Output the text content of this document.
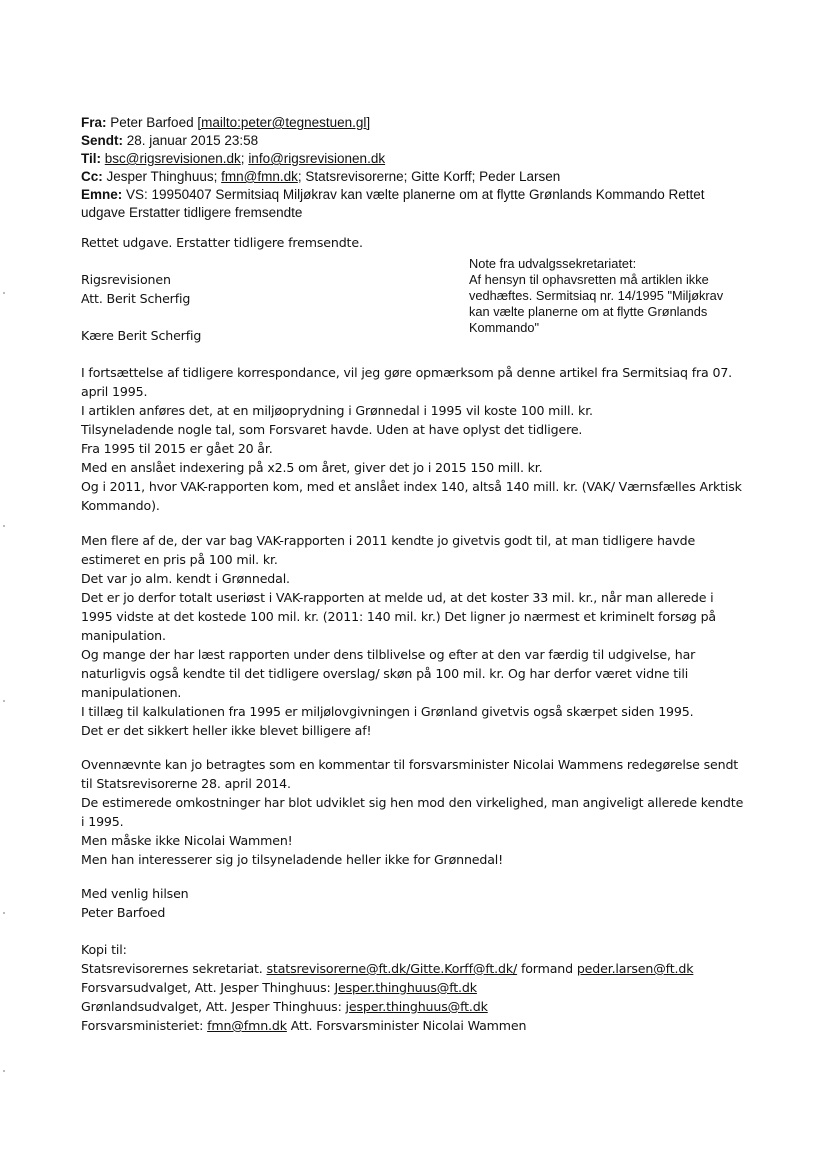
Fra: Peter Barfoed [mailto:peter@tegnestuen.gl]
Sendt: 28. januar 2015 23:58
Til: bsc@rigsrevisionen.dk; info@rigsrevisionen.dk
Cc: Jesper Thinghuus; fmn@fmn.dk; Statsrevisorerne; Gitte Korff; Peder Larsen
Emne: VS: 19950407 Sermitsiaq Miljøkrav kan vælte planerne om at flytte Grønlands Kommando Rettet
udgave Erstatter tidligere fremsendte
Rettet udgave. Erstatter tidligere fremsendte.
Rigsrevisionen
Att. Berit Scherfig

Note fra udvalgssekretariatet:

Af hensyn til ophavsretten må artiklen ikke

vedhæftes. Sermitsiaq nr. 14/1995 "Miljøkrav

kan vælte planerne om at flytte Grønlands

Kommando"

Kære Berit Scherfig
I fortsættelse af tidligere korrespondance, vil jeg gøre opmærksom på denne artikel fra Sermitsiaq fra 07.
april 1995.
I artiklen anføres det, at en miljøoprydning i Grønnedal i 1995 vil koste 100 mill. kr.
Tilsyneladende nogle tal, som Forsvaret havde. Uden at have oplyst det tidligere.
Fra 1995 til 2015 er gået 20 år.
Med en anslået indexering på x2.5 om året, giver det jo i 2015 150 mill. kr.
Og i 2011, hvor VAK-rapporten kom, med et anslået index 140, altså 140 mill. kr. (VAK/ Værnsfælles Arktisk
Kommando).
Men flere af de, der var bag VAK-rapporten i 2011 kendte jo givetvis godt til, at man tidligere havde
estimeret en pris på 100 mil. kr.
Det var jo alm. kendt i Grønnedal.
Det er jo derfor totalt useriøst i VAK-rapporten at melde ud, at det koster 33 mil. kr., når man allerede i
1995 vidste at det kostede 100 mil. kr. (2011: 140 mil. kr.) Det ligner jo nærmest et kriminelt forsøg på
manipulation.
Og mange der har læst rapporten under dens tilblivelse og efter at den var færdig til udgivelse, har
naturligvis også kendte til det tidligere overslag/ skøn på 100 mil. kr. Og har derfor været vidne tili
manipulationen.
I tillæg til kalkulationen fra 1995 er miljølovgivningen i Grønland givetvis også skærpet siden 1995.
Det er det sikkert heller ikke blevet billigere af!
Ovennævnte kan jo betragtes som en kommentar til forsvarsminister Nicolai Wammens redegørelse sendt
til Statsrevisorerne 28. april 2014.
De estimerede omkostninger har blot udviklet sig hen mod den virkelighed, man angiveligt allerede kendte
i 1995.
Men måske ikke Nicolai Wammen!
Men han interesserer sig jo tilsyneladende heller ikke for Grønnedal!
Med venlig hilsen
Peter Barfoed
Kopi til:
Statsrevisorernes sekretariat. statsrevisorerne@ft.dk/Gitte.Korff@ft.dk/ formand peder.larsen@ft.dk
Forsvarsudvalget, Att. Jesper Thinghuus: Jesper.thinghuus@ft.dk
Grønlandsudvalget, Att. Jesper Thinghuus: jesper.thinghuus@ft.dk
Forsvarsministeriet: fmn@fmn.dk Att. Forsvarsminister Nicolai Wammen
